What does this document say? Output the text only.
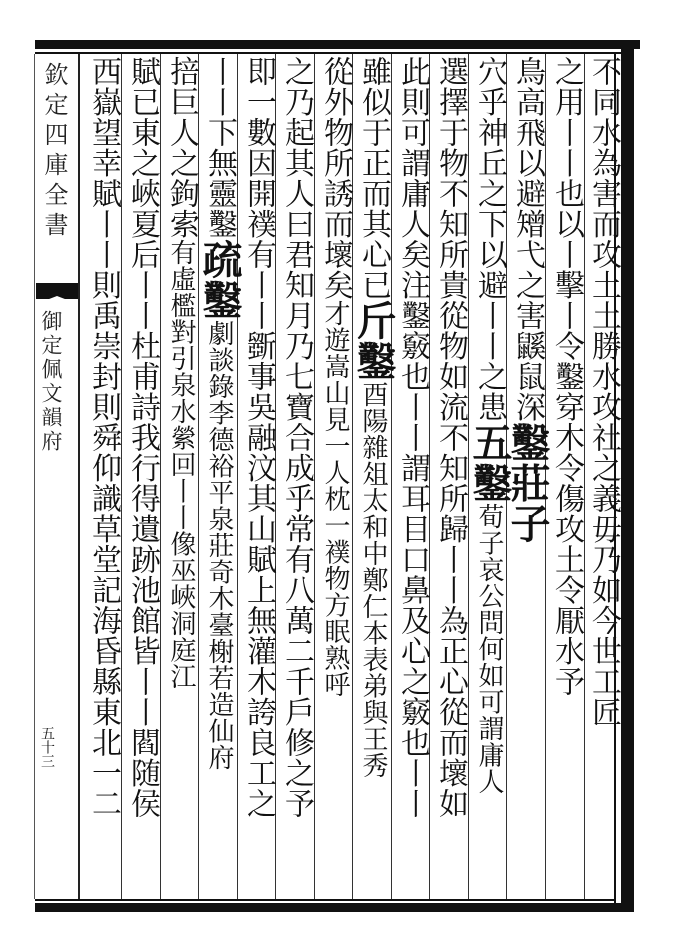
欽定四庫全書
御定佩文韻府
五十三
不同水為害而攻土土勝水攻社之義毋乃如今世工匠
之用丨丨也以丨擊丨令鑿穿木令傷攻土令厭水予
鳥高飛以避矰弋之害鼷鼠深鑿莊子
穴乎神丘之下以避丨丨之患五鑿荀子哀公問何如可謂庸人
選擇于物不知所貴從物如流不知所歸丨丨為正心從而壞如
此則可謂庸人矣注鑿竅也丨丨謂耳目口鼻及心之竅也丨丨
雖似于正而其心已斤鑿酉陽雜俎太和中鄭仁本表弟與王秀
從外物所誘而壞矣才遊嵩山見一人枕一襆物方眠熟呼
之乃起其人曰君知月乃七寶合成乎常有八萬二千戶修之予
即一數因開襆有丨丨斵事吳融汶其山賦上無灌木誇良工之
丨丨下無靈鑿疏鑿劇談錄李德裕平泉莊奇木臺榭若造仙府
掊巨人之鉤索有虛檻對引泉水縈回丨丨像巫峽洞庭江
賦已東之峽夏后丨丨杜甫詩我行得遺跡池館皆丨丨閻随侯
西嶽望幸賦丨丨則禹崇封則舜仰識草堂記海昏縣東北一二
